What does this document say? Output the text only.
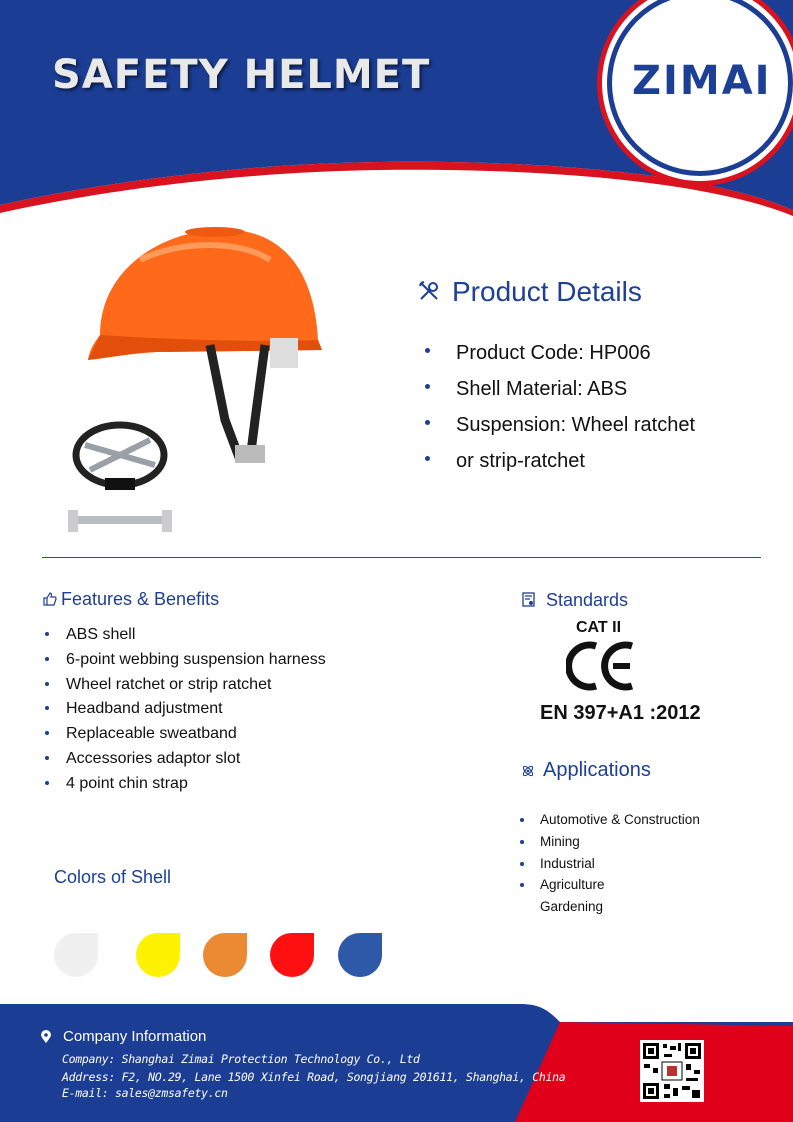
SAFETY HELMET	ZIMAI
Product Details
Product Code: HP006
Shell Material: ABS
Suspension: Wheel ratchet
or strip-ratchet
Features & Benefits
ABS shell
6-point webbing suspension harness
Wheel ratchet or strip ratchet
Headband adjustment
Replaceable sweatband
Accessories adaptor slot
4 point chin strap
Standards
CAT II
EN 397+A1 :2012
Applications
Automotive & Construction
Mining
Industrial
Agriculture
Gardening
Colors of Shell
Company Information
Company: Shanghai Zimai Protection Technology Co., Ltd
Address: F2, NO.29, Lane 1500 Xinfei Road, Songjiang 201611, Shanghai, China
E-mail: sales@zmsafety.cn
